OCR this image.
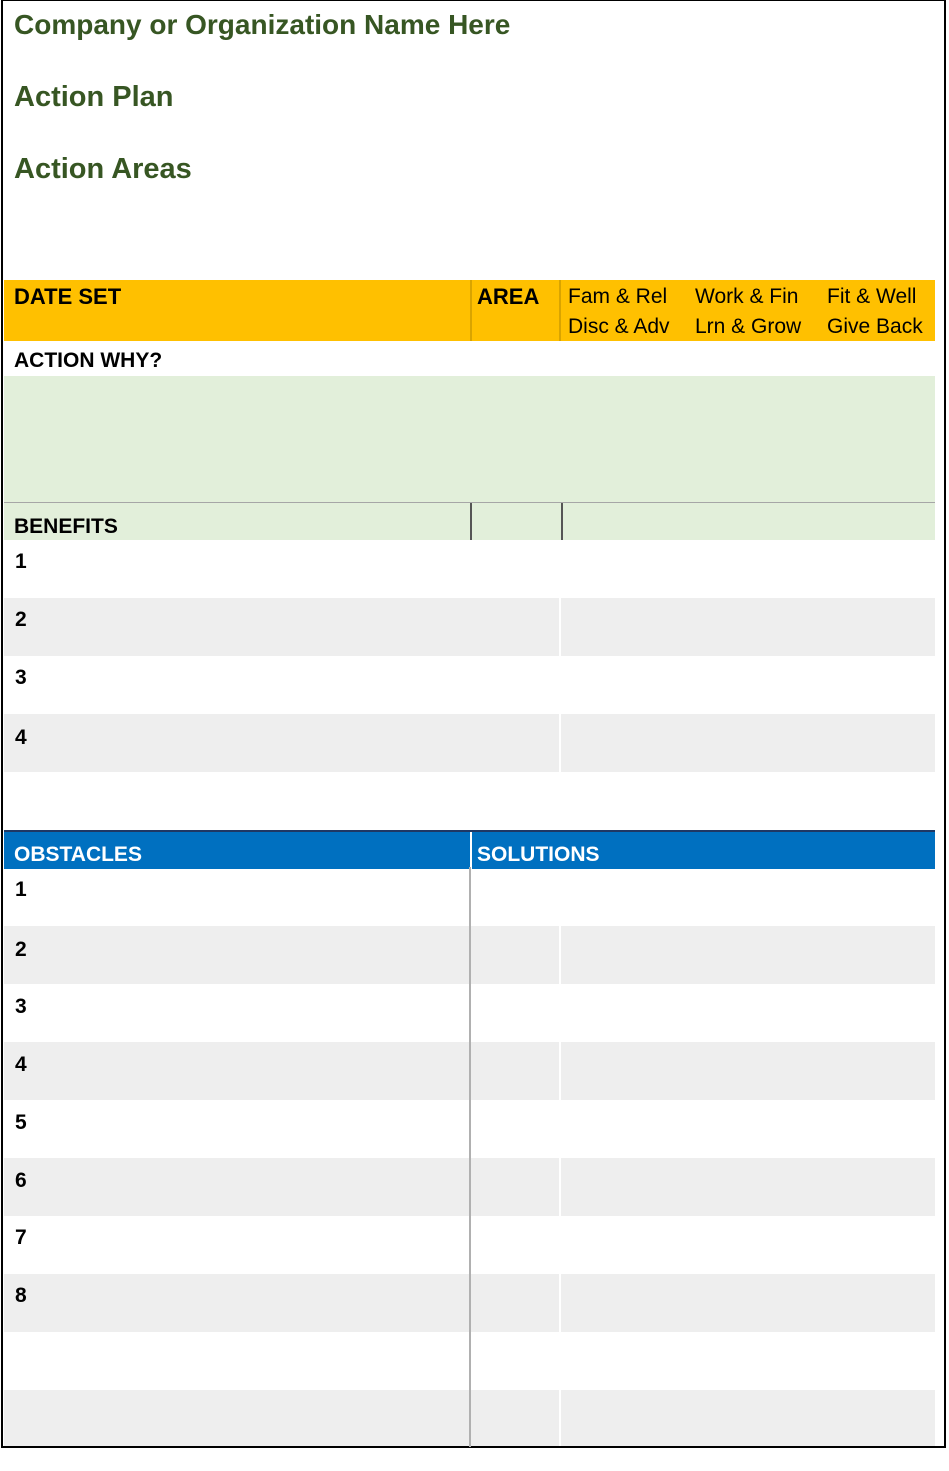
Company or Organization Name Here
Action Plan
Action Areas
DATE SET	AREA Fam & Rel Work & Fin Fit & Well
Disc & Adv Lrn & Grow Give Back
ACTION WHY?
BENEFITS
1
2
3
4
OBSTACLES	SOLUTIONS
1
2
3
4
5
6
7
8
